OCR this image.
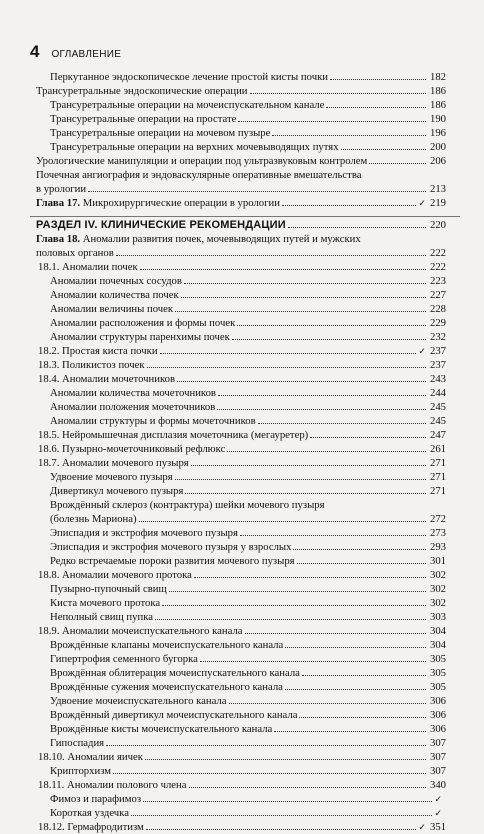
4 ОГЛАВЛЕНИЕ
Перкутанное эндоскопическое лечение простой кисты почки	182
Трансуретральные эндоскопические операции	186
Трансуретральные операции на мочеиспускательном канале	186
Трансуретральные операции на простате	190
Трансуретральные операции на мочевом пузыре	196
Трансуретральные операции на верхних мочевыводящих путях	200
Урологические манипуляции и операции под ультразвуковым контролем	206
Почечная ангиография и эндоваскулярные оперативные вмешательства
в урологии	213
Глава 17. Микрохирургические операции в урологии	✓ 219
РАЗДЕЛ IV. КЛИНИЧЕСКИЕ РЕКОМЕНДАЦИИ	220
Глава 18. Аномалии развития почек, мочевыводящих путей и мужских
половых органов	222
18.1. Аномалии почек	222
Аномалии почечных сосудов	223
Аномалии количества почек	227
Аномалии величины почек	228
Аномалии расположения и формы почек	229
Аномалии структуры паренхимы почек	232
18.2. Простая киста почки	✓ 237
18.3. Поликистоз почек	237
18.4. Аномалии мочеточников	243
Аномалии количества мочеточников	244
Аномалии положения мочеточников	245
Аномалии структуры и формы мочеточников	245
18.5. Нейромышечная дисплазия мочеточника (мегауретер)	247
18.6. Пузырно-мочеточниковый рефлюкс	261
18.7. Аномалии мочевого пузыря	271
Удвоение мочевого пузыря	271
Дивертикул мочевого пузыря	271
Врождённый склероз (контрактура) шейки мочевого пузыря
(болезнь Мариона)	272
Эписпадия и экстрофия мочевого пузыря	273
Эписпадия и экстрофия мочевого пузыря у взрослых	293
Редко встречаемые пороки развития мочевого пузыря	301
18.8. Аномалии мочевого протока	302
Пузырно-пупочный свищ	302
Киста мочевого протока	302
Неполный свищ пупка	303
18.9. Аномалии мочеиспускательного канала	304
Врождённые клапаны мочеиспускательного канала	304
Гипертрофия семенного бугорка	305
Врождённая облитерация мочеиспускательного канала	305
Врождённые сужения мочеиспускательного канала	305
Удвоение мочеиспускательного канала	306
Врождённый дивертикул мочеиспускательного канала	306
Врождённые кисты мочеиспускательного канала	306
Гипоспадия	307
18.10. Аномалии яичек	307
Крипторхизм	307
18.11. Аномалии полового члена	340
Фимоз и парафимоз	✓
Короткая уздечка	✓
18.12. Гермафродитизм	✓ 351
